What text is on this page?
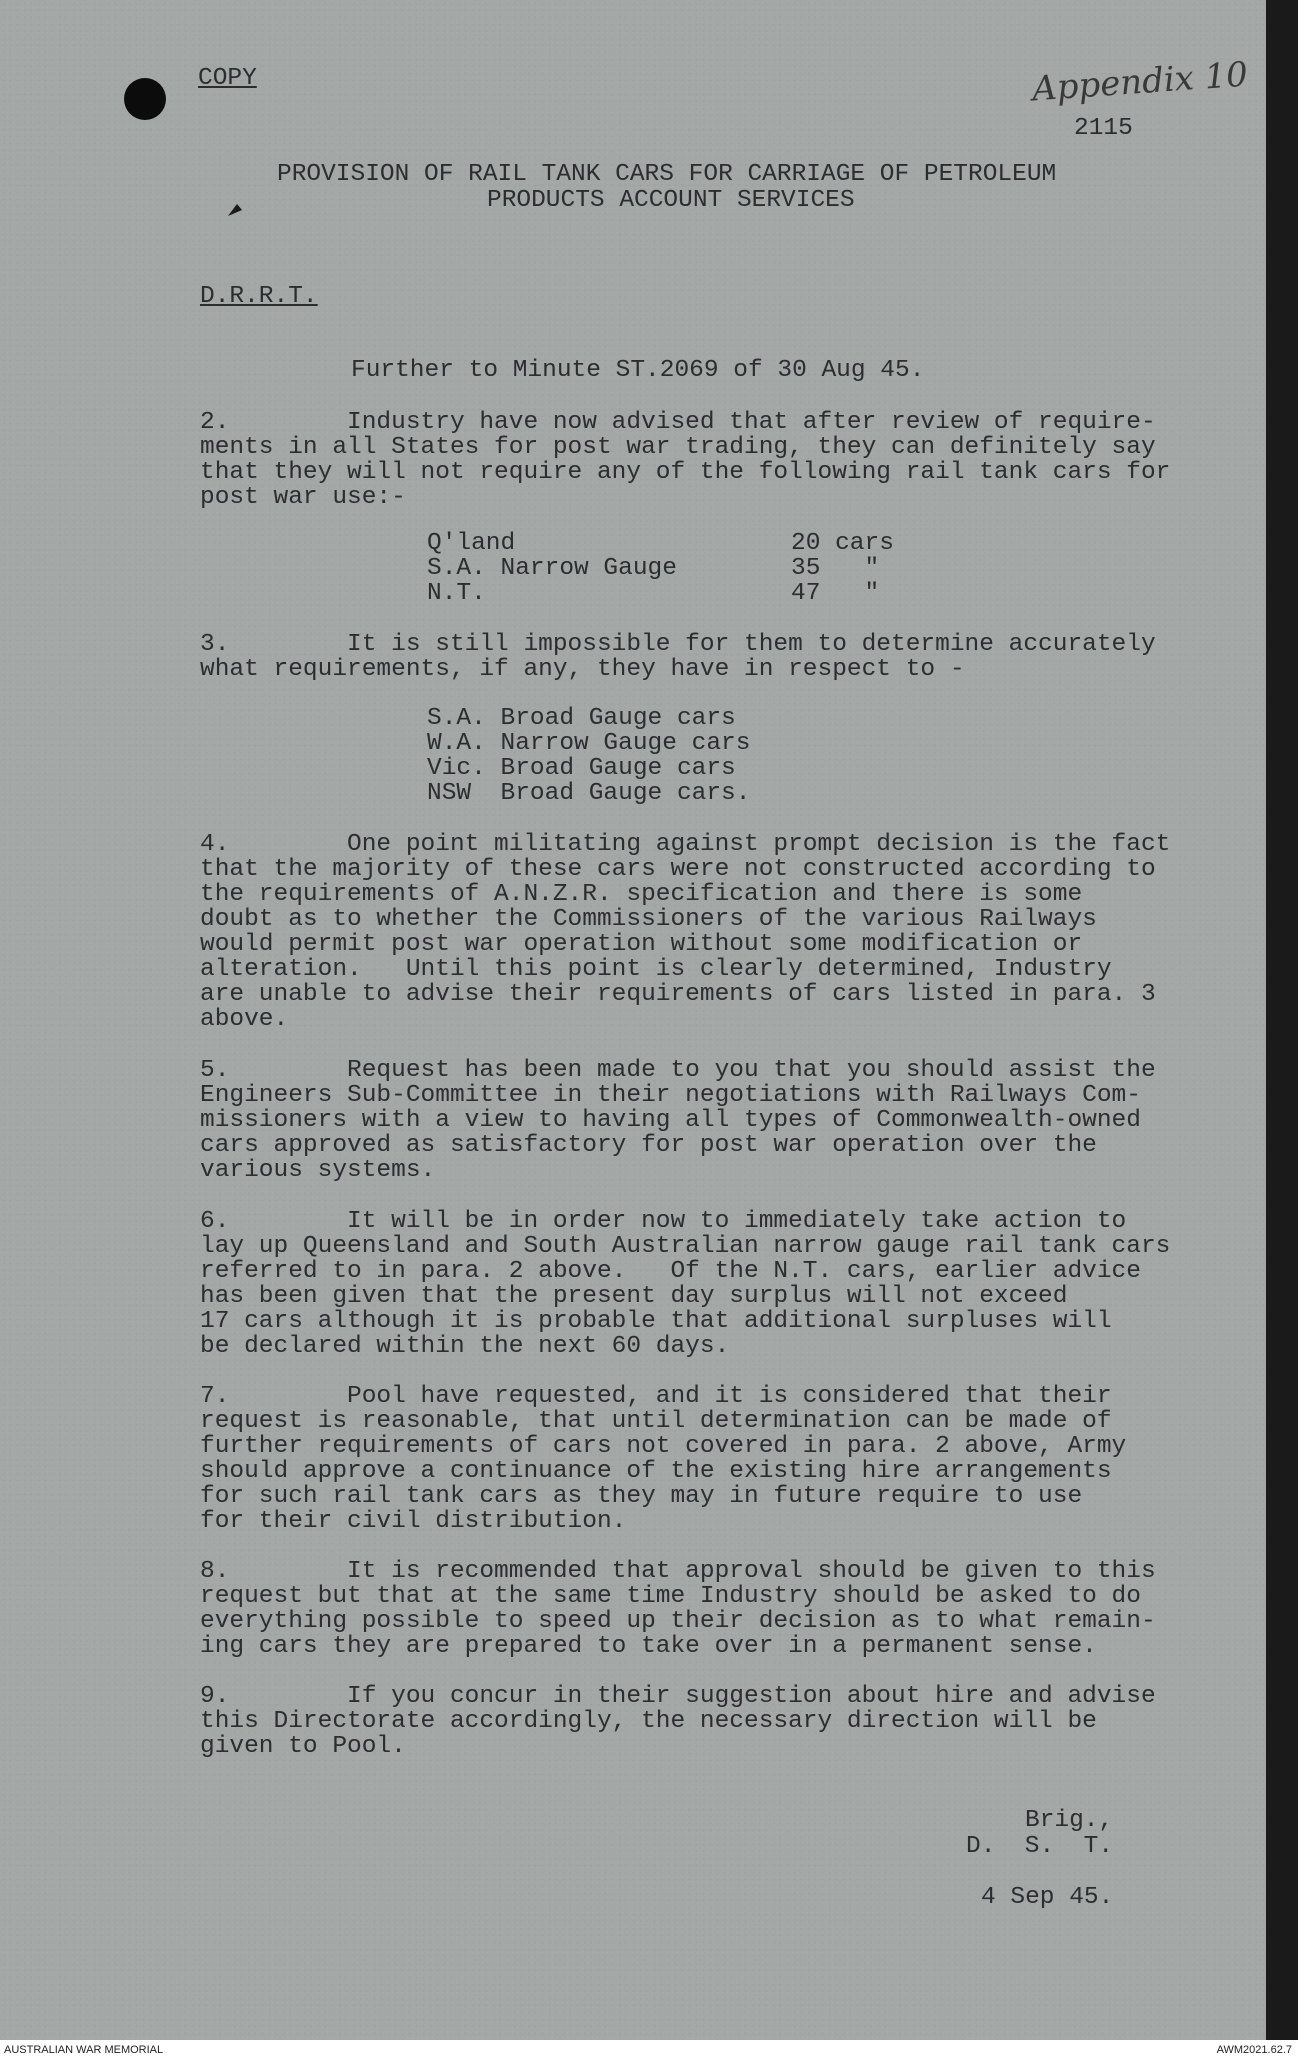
COPY	Appendix 10

2115

PROVISION OF RAIL TANK CARS FOR CARRIAGE OF PETROLEUM

PRODUCTS ACCOUNT SERVICES

D.R.R.T.

Further to Minute ST.2069 of 30 Aug 45.

2.        Industry have now advised that after review of require-

ments in all States for post war trading, they can definitely say

that they will not require any of the following rail tank cars for

post war use:-

Q'land	20 cars

S.A. Narrow Gauge	35   "

N.T.	47   "

3.        It is still impossible for them to determine accurately

what requirements, if any, they have in respect to -

S.A. Broad Gauge cars

W.A. Narrow Gauge cars

Vic. Broad Gauge cars

NSW  Broad Gauge cars.

4.        One point militating against prompt decision is the fact

that the majority of these cars were not constructed according to

the requirements of A.N.Z.R. specification and there is some

doubt as to whether the Commissioners of the various Railways

would permit post war operation without some modification or

alteration.   Until this point is clearly determined, Industry

are unable to advise their requirements of cars listed in para. 3

above.

5.        Request has been made to you that you should assist the

Engineers Sub-Committee in their negotiations with Railways Com-

missioners with a view to having all types of Commonwealth-owned

cars approved as satisfactory for post war operation over the

various systems.

6.        It will be in order now to immediately take action to

lay up Queensland and South Australian narrow gauge rail tank cars

referred to in para. 2 above.   Of the N.T. cars, earlier advice

has been given that the present day surplus will not exceed

17 cars although it is probable that additional surpluses will

be declared within the next 60 days.

7.        Pool have requested, and it is considered that their

request is reasonable, that until determination can be made of

further requirements of cars not covered in para. 2 above, Army

should approve a continuance of the existing hire arrangements

for such rail tank cars as they may in future require to use

for their civil distribution.

8.        It is recommended that approval should be given to this

request but that at the same time Industry should be asked to do

everything possible to speed up their decision as to what remain-

ing cars they are prepared to take over in a permanent sense.

9.        If you concur in their suggestion about hire and advise

this Directorate accordingly, the necessary direction will be

given to Pool.

Brig.,

D.  S.  T.

4 Sep 45.

AUSTRALIAN WAR MEMORIAL	AWM2021.62.7
